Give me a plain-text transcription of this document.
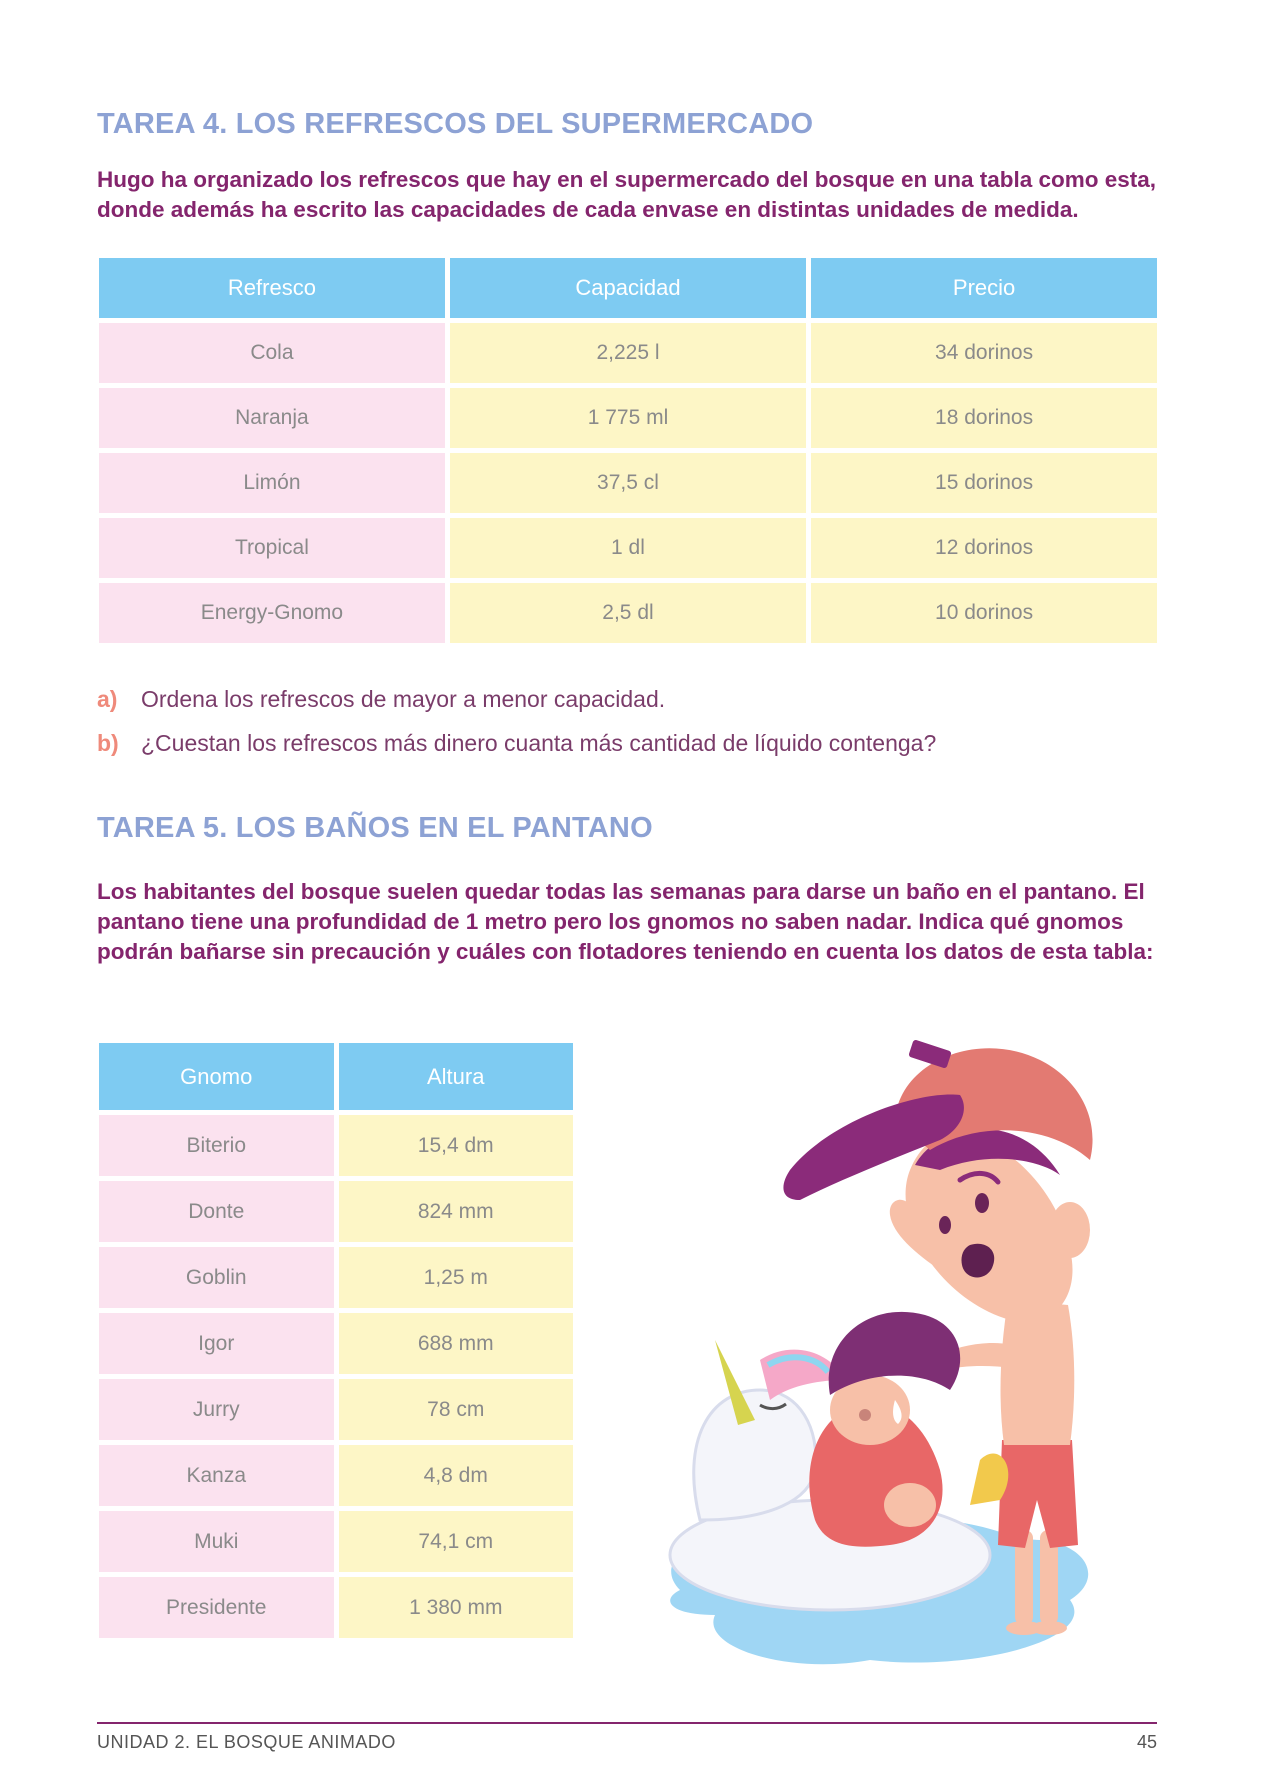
TAREA 4. LOS REFRESCOS DEL SUPERMERCADO

Hugo ha organizado los refrescos que hay en el supermercado del bosque en una tabla como esta, donde además ha escrito las capacidades de cada envase en distintas unidades de medida.

Refresco	Capacidad	Precio
Cola	2,225 l	34 dorinos
Naranja	1 775 ml	18 dorinos
Limón	37,5 cl	15 dorinos
Tropical	1 dl	12 dorinos
Energy-Gnomo	2,5 dl	10 dorinos

a) Ordena los refrescos de mayor a menor capacidad.

b) ¿Cuestan los refrescos más dinero cuanta más cantidad de líquido contenga?

TAREA 5. LOS BAÑOS EN EL PANTANO

Los habitantes del bosque suelen quedar todas las semanas para darse un baño en el pantano. El pantano tiene una profundidad de 1 metro pero los gnomos no saben nadar. Indica qué gnomos podrán bañarse sin precaución y cuáles con flotadores teniendo en cuenta los datos de esta tabla:

Gnomo	Altura
Biterio	15,4 dm
Donte	824 mm
Goblin	1,25 m
Igor	688 mm
Jurry	78 cm
Kanza	4,8 dm
Muki	74,1 cm
Presidente	1 380 mm
UNIDAD 2. EL BOSQUE ANIMADO	45
